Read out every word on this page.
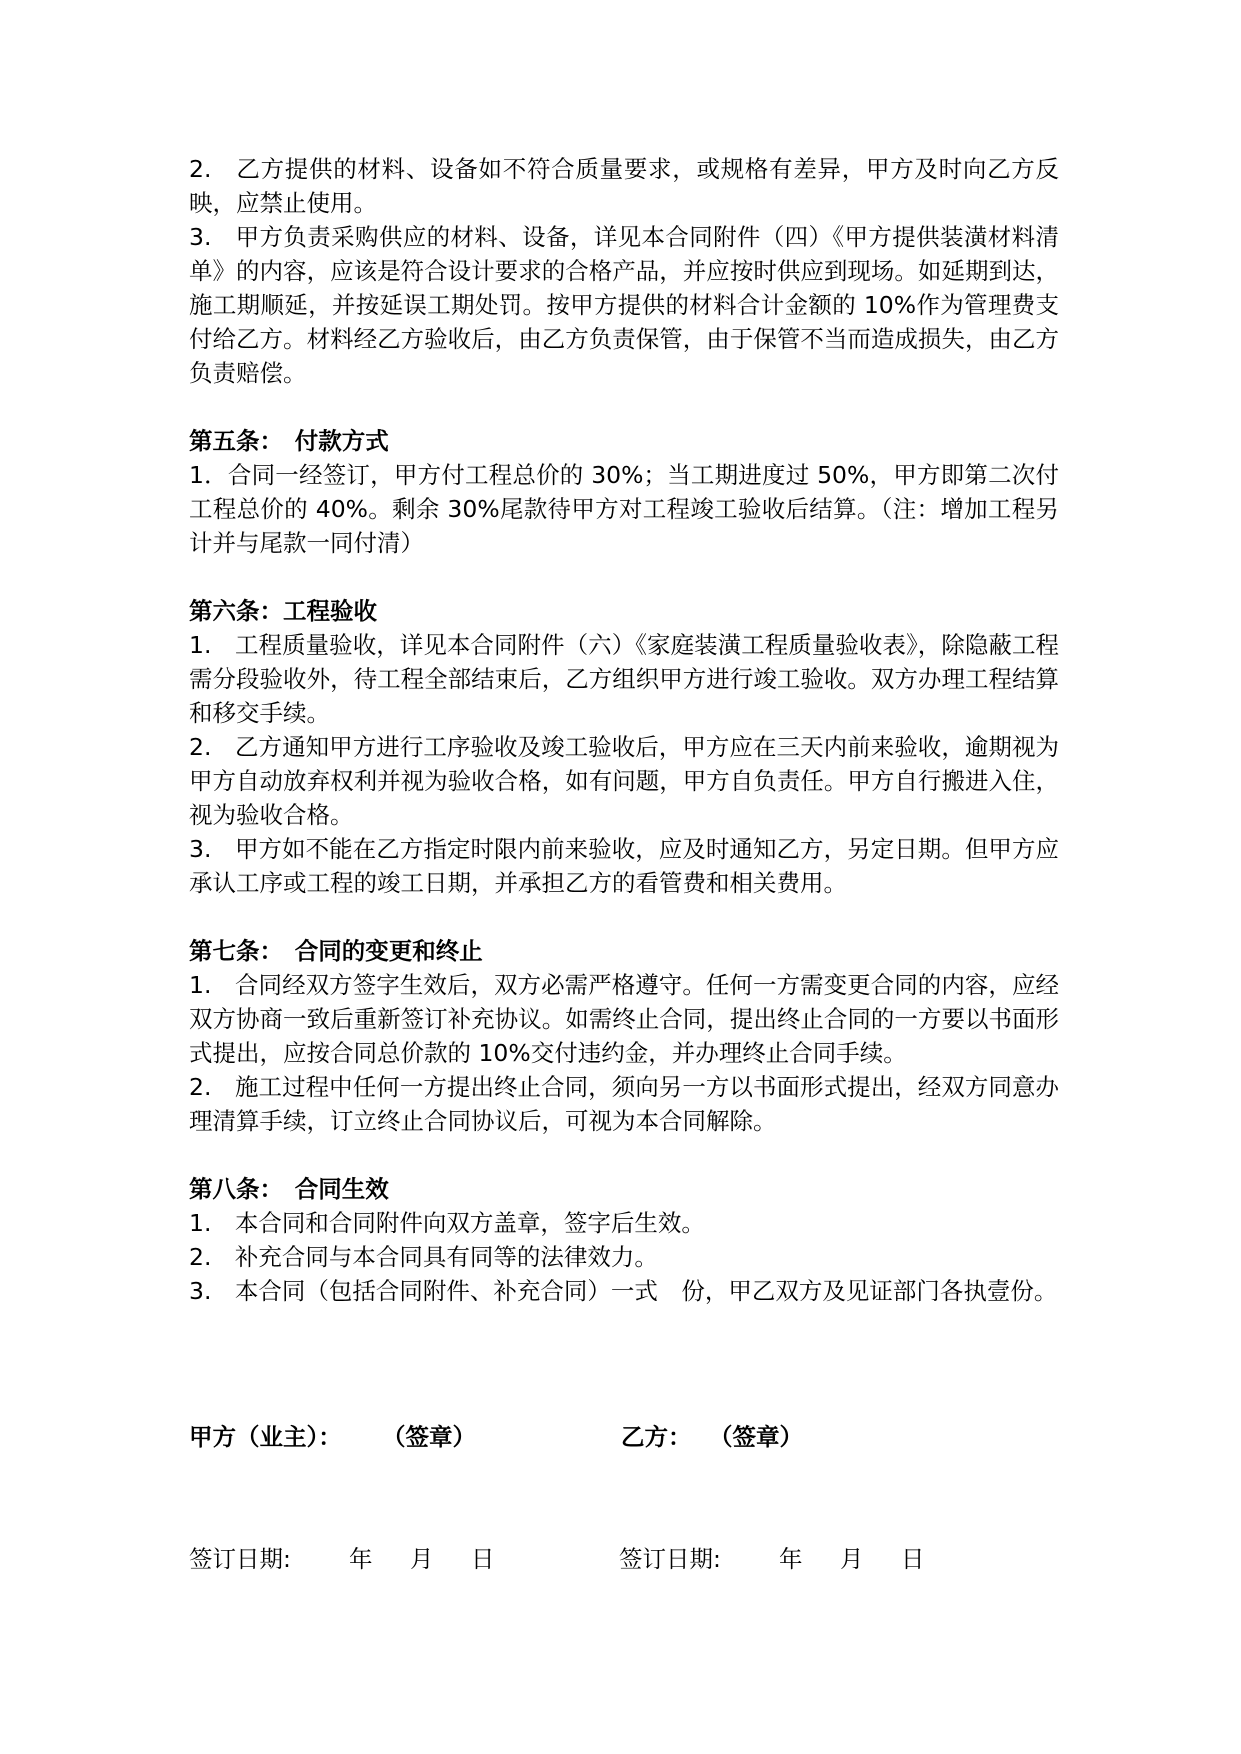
2.　乙方提供的材料、设备如不符合质量要求，或规格有差异，甲方及时向乙方反映，应禁止使用。

3.　甲方负责采购供应的材料、设备，详见本合同附件（四）《甲方提供装潢材料清单》的内容，应该是符合设计要求的合格产品，并应按时供应到现场。如延期到达，施工期顺延，并按延误工期处罚。按甲方提供的材料合计金额的 10%作为管理费支付给乙方。材料经乙方验收后，由乙方负责保管，由于保管不当而造成损失，由乙方负责赔偿。

第五条：　付款方式

1．合同一经签订，甲方付工程总价的 30%；当工期进度过 50%，甲方即第二次付工程总价的 40%。剩余 30%尾款待甲方对工程竣工验收后结算。（注：增加工程另计并与尾款一同付清）

第六条：工程验收

1.　工程质量验收，详见本合同附件（六）《家庭装潢工程质量验收表》，除隐蔽工程需分段验收外，待工程全部结束后，乙方组织甲方进行竣工验收。双方办理工程结算和移交手续。

2.　乙方通知甲方进行工序验收及竣工验收后，甲方应在三天内前来验收，逾期视为甲方自动放弃权利并视为验收合格，如有问题，甲方自负责任。甲方自行搬进入住，视为验收合格。

3.　甲方如不能在乙方指定时限内前来验收，应及时通知乙方，另定日期。但甲方应承认工序或工程的竣工日期，并承担乙方的看管费和相关费用。

第七条：　合同的变更和终止

1.　合同经双方签字生效后，双方必需严格遵守。任何一方需变更合同的内容，应经双方协商一致后重新签订补充协议。如需终止合同，提出终止合同的一方要以书面形式提出，应按合同总价款的 10%交付违约金，并办理终止合同手续。

2.　施工过程中任何一方提出终止合同，须向另一方以书面形式提出，经双方同意办理清算手续，订立终止合同协议后，可视为本合同解除。

第八条：　合同生效

1.　本合同和合同附件向双方盖章，签字后生效。

2.　补充合同与本合同具有同等的法律效力。

3.　本合同（包括合同附件、补充合同）一式　份，甲乙双方及见证部门各执壹份。

甲方（业主）： （签章）	乙方： （签章）
签订日期: 年 月 日	签订日期: 年 月 日
